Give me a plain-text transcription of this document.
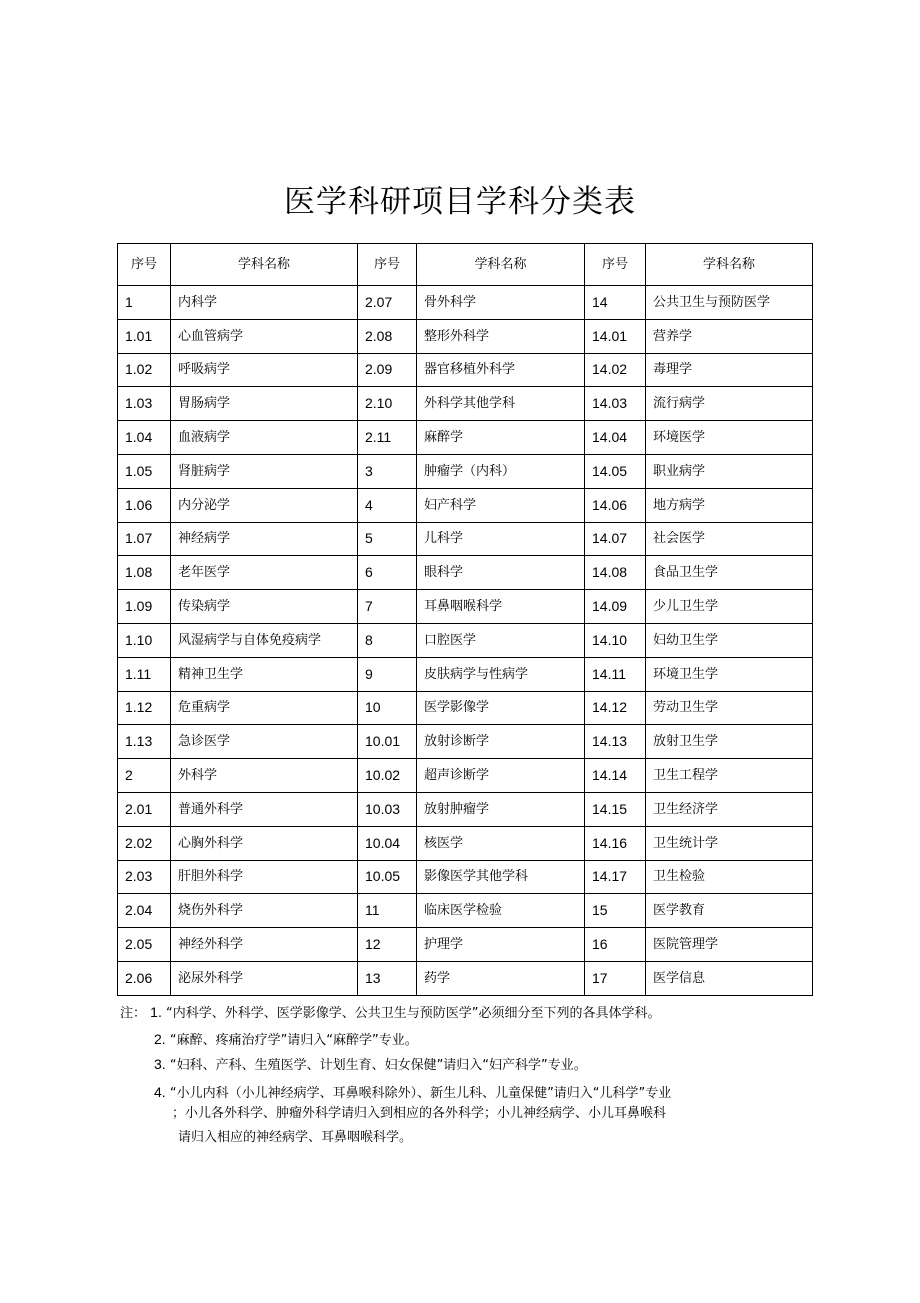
医学科研项目学科分类表
序号	学科名称	序号	学科名称	序号	学科名称
1	内科学	2.07	骨外科学	14	公共卫生与预防医学
1.01	心血管病学	2.08	整形外科学	14.01	营养学
1.02	呼吸病学	2.09	器官移植外科学	14.02	毒理学
1.03	胃肠病学	2.10	外科学其他学科	14.03	流行病学
1.04	血液病学	2.11	麻醉学	14.04	环境医学
1.05	肾脏病学	3	肿瘤学（内科）	14.05	职业病学
1.06	内分泌学	4	妇产科学	14.06	地方病学
1.07	神经病学	5	儿科学	14.07	社会医学
1.08	老年医学	6	眼科学	14.08	食品卫生学
1.09	传染病学	7	耳鼻咽喉科学	14.09	少儿卫生学
1.10	风湿病学与自体免疫病学	8	口腔医学	14.10	妇幼卫生学
1.11	精神卫生学	9	皮肤病学与性病学	14.11	环境卫生学
1.12	危重病学	10	医学影像学	14.12	劳动卫生学
1.13	急诊医学	10.01	放射诊断学	14.13	放射卫生学
2	外科学	10.02	超声诊断学	14.14	卫生工程学
2.01	普通外科学	10.03	放射肿瘤学	14.15	卫生经济学
2.02	心胸外科学	10.04	核医学	14.16	卫生统计学
2.03	肝胆外科学	10.05	影像医学其他学科	14.17	卫生检验
2.04	烧伤外科学	11	临床医学检验	15	医学教育
2.05	神经外科学	12	护理学	16	医院管理学
2.06	泌尿外科学	13	药学	17	医学信息
注： 1. “内科学、外科学、医学影像学、公共卫生与预防医学”必须细分至下列的各具体学科。
2. “麻醉、疼痛治疗学”请归入“麻醉学”专业。
3. “妇科、产科、生殖医学、计划生育、妇女保健”请归入“妇产科学”专业。
4. “小儿内科（小儿神经病学、耳鼻喉科除外）、新生儿科、儿童保健”请归入“儿科学”专业
；小儿各外科学、肿瘤外科学请归入到相应的各外科学；小儿神经病学、小儿耳鼻喉科
请归入相应的神经病学、耳鼻咽喉科学。
